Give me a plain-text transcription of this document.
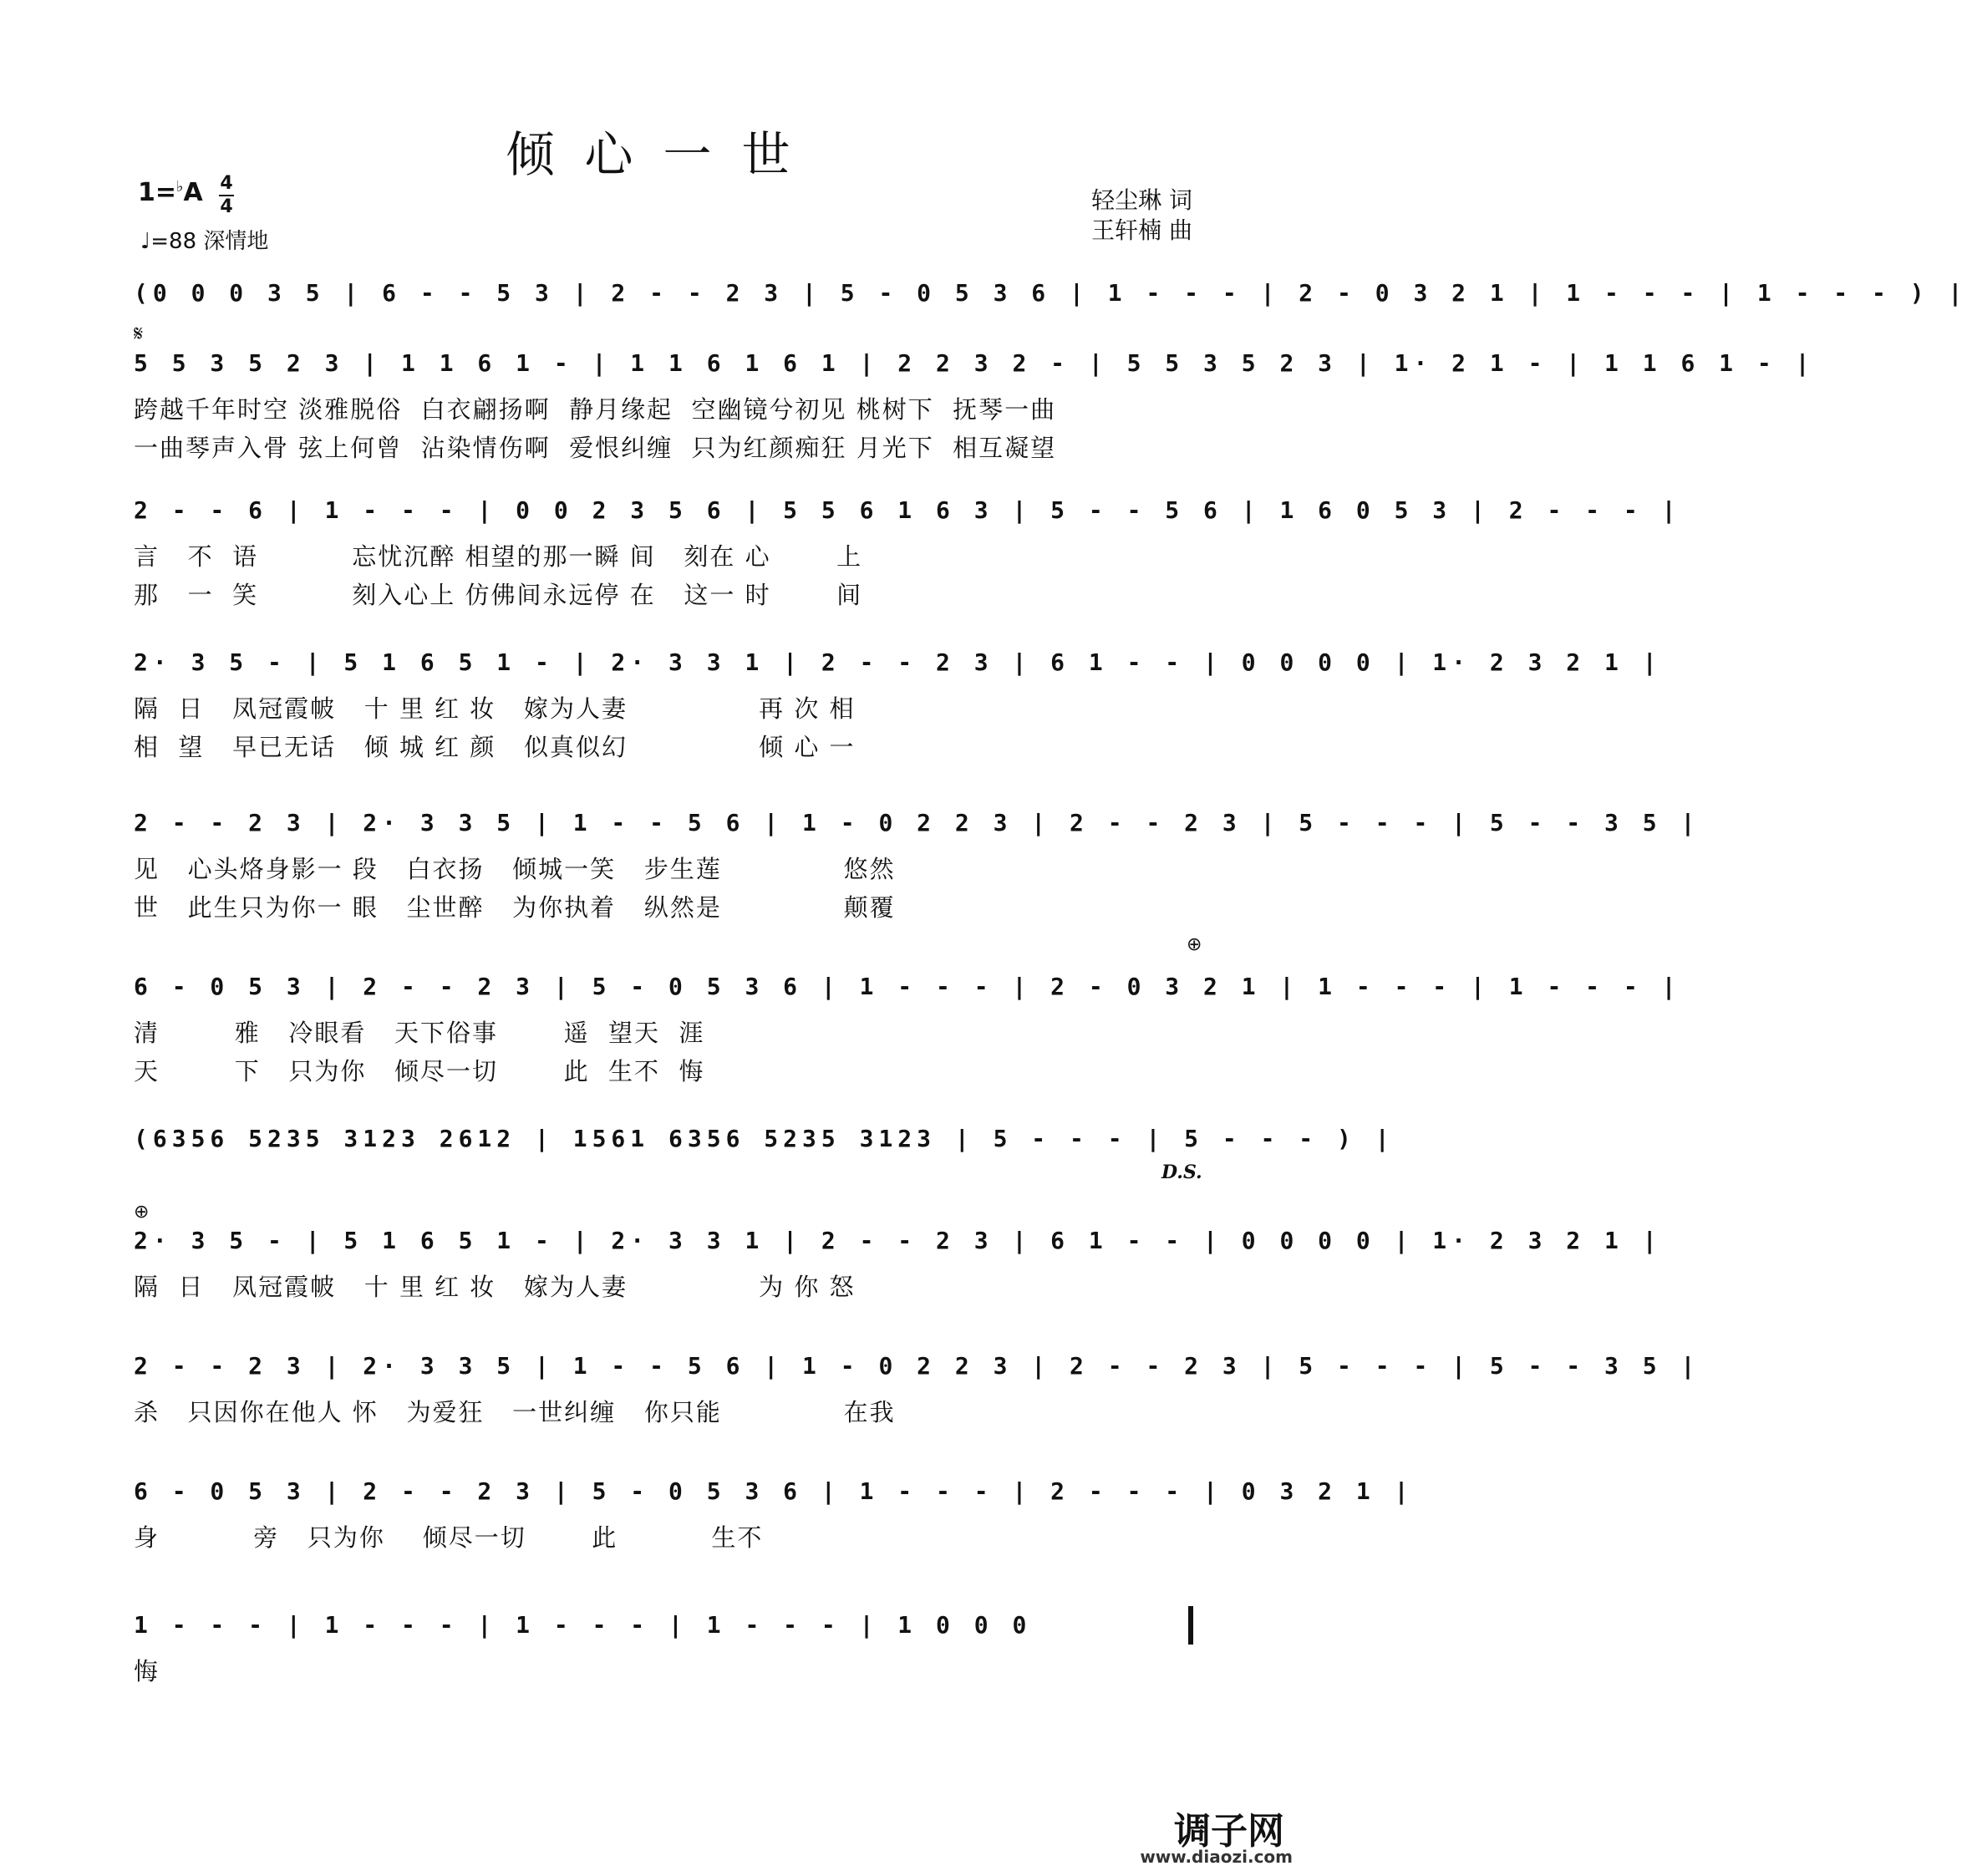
倾心一世
1=♭A 4
4
♩=88 深情地
轻尘琳 词
王轩楠 曲
𝄋
⊕
⊕
D.S.
(0 0 0 3 5 | 6 - - 5 3 | 2 - - 2 3 | 5 - 0 5 3 6 | 1 - - - | 2 - 0 3 2 1 | 1 - - - | 1 - - - ) |
5 5 3 5 2 3 | 1 1 6 1 - | 1 1 6 1 6 1 | 2 2 3 2 - | 5 5 3 5 2 3 | 1· 2 1 - | 1 1 6 1 - |
跨越千年时空 淡雅脱俗  白衣翩扬啊  静月缘起  空幽镜兮初见 桃树下  抚琴一曲
一曲琴声入骨 弦上何曾  沾染情伤啊  爱恨纠缠  只为红颜痴狂 月光下  相互凝望
2 - - 6 | 1 - - - | 0 0 2 3 5 6 | 5 5 6 1 6 3 | 5 - - 5 6 | 1 6 0 5 3 | 2 - - - |
言   不  语          忘忧沉醉 相望的那一瞬 间   刻在 心       上
那   一  笑          刻入心上 仿佛间永远停 在   这一 时       间
2· 3 5 - | 5 1 6 5 1 - | 2· 3 3 1 | 2 - - 2 3 | 6 1 - - | 0 0 0 0 | 1· 2 3 2 1 |
隔  日   凤冠霞帔   十 里 红 妆   嫁为人妻              再 次 相
相  望   早已无话   倾 城 红 颜   似真似幻              倾 心 一
2 - - 2 3 | 2· 3 3 5 | 1 - - 5 6 | 1 - 0 2 2 3 | 2 - - 2 3 | 5 - - - | 5 - - 3 5 |
见   心头烙身影一 段   白衣扬   倾城一笑   步生莲             悠然
世   此生只为你一 眼   尘世醉   为你执着   纵然是             颠覆
6 - 0 5 3 | 2 - - 2 3 | 5 - 0 5 3 6 | 1 - - - | 2 - 0 3 2 1 | 1 - - - | 1 - - - |
清        雅   冷眼看   天下俗事       遥  望天  涯
天        下   只为你   倾尽一切       此  生不  悔
(6356 5235 3123 2612 | 1561 6356 5235 3123 | 5 - - - | 5 - - - ) |
2· 3 5 - | 5 1 6 5 1 - | 2· 3 3 1 | 2 - - 2 3 | 6 1 - - | 0 0 0 0 | 1· 2 3 2 1 |
隔  日   凤冠霞帔   十 里 红 妆   嫁为人妻              为 你 怒
2 - - 2 3 | 2· 3 3 5 | 1 - - 5 6 | 1 - 0 2 2 3 | 2 - - 2 3 | 5 - - - | 5 - - 3 5 |
杀   只因你在他人 怀   为爱狂   一世纠缠   你只能             在我
6 - 0 5 3 | 2 - - 2 3 | 5 - 0 5 3 6 | 1 - - - | 2 - - - | 0 3 2 1 |
身          旁   只为你    倾尽一切       此          生不
1 - - - | 1 - - - | 1 - - - | 1 - - - | 1 0 0 0
悔
调子网
www.diaozi.com
